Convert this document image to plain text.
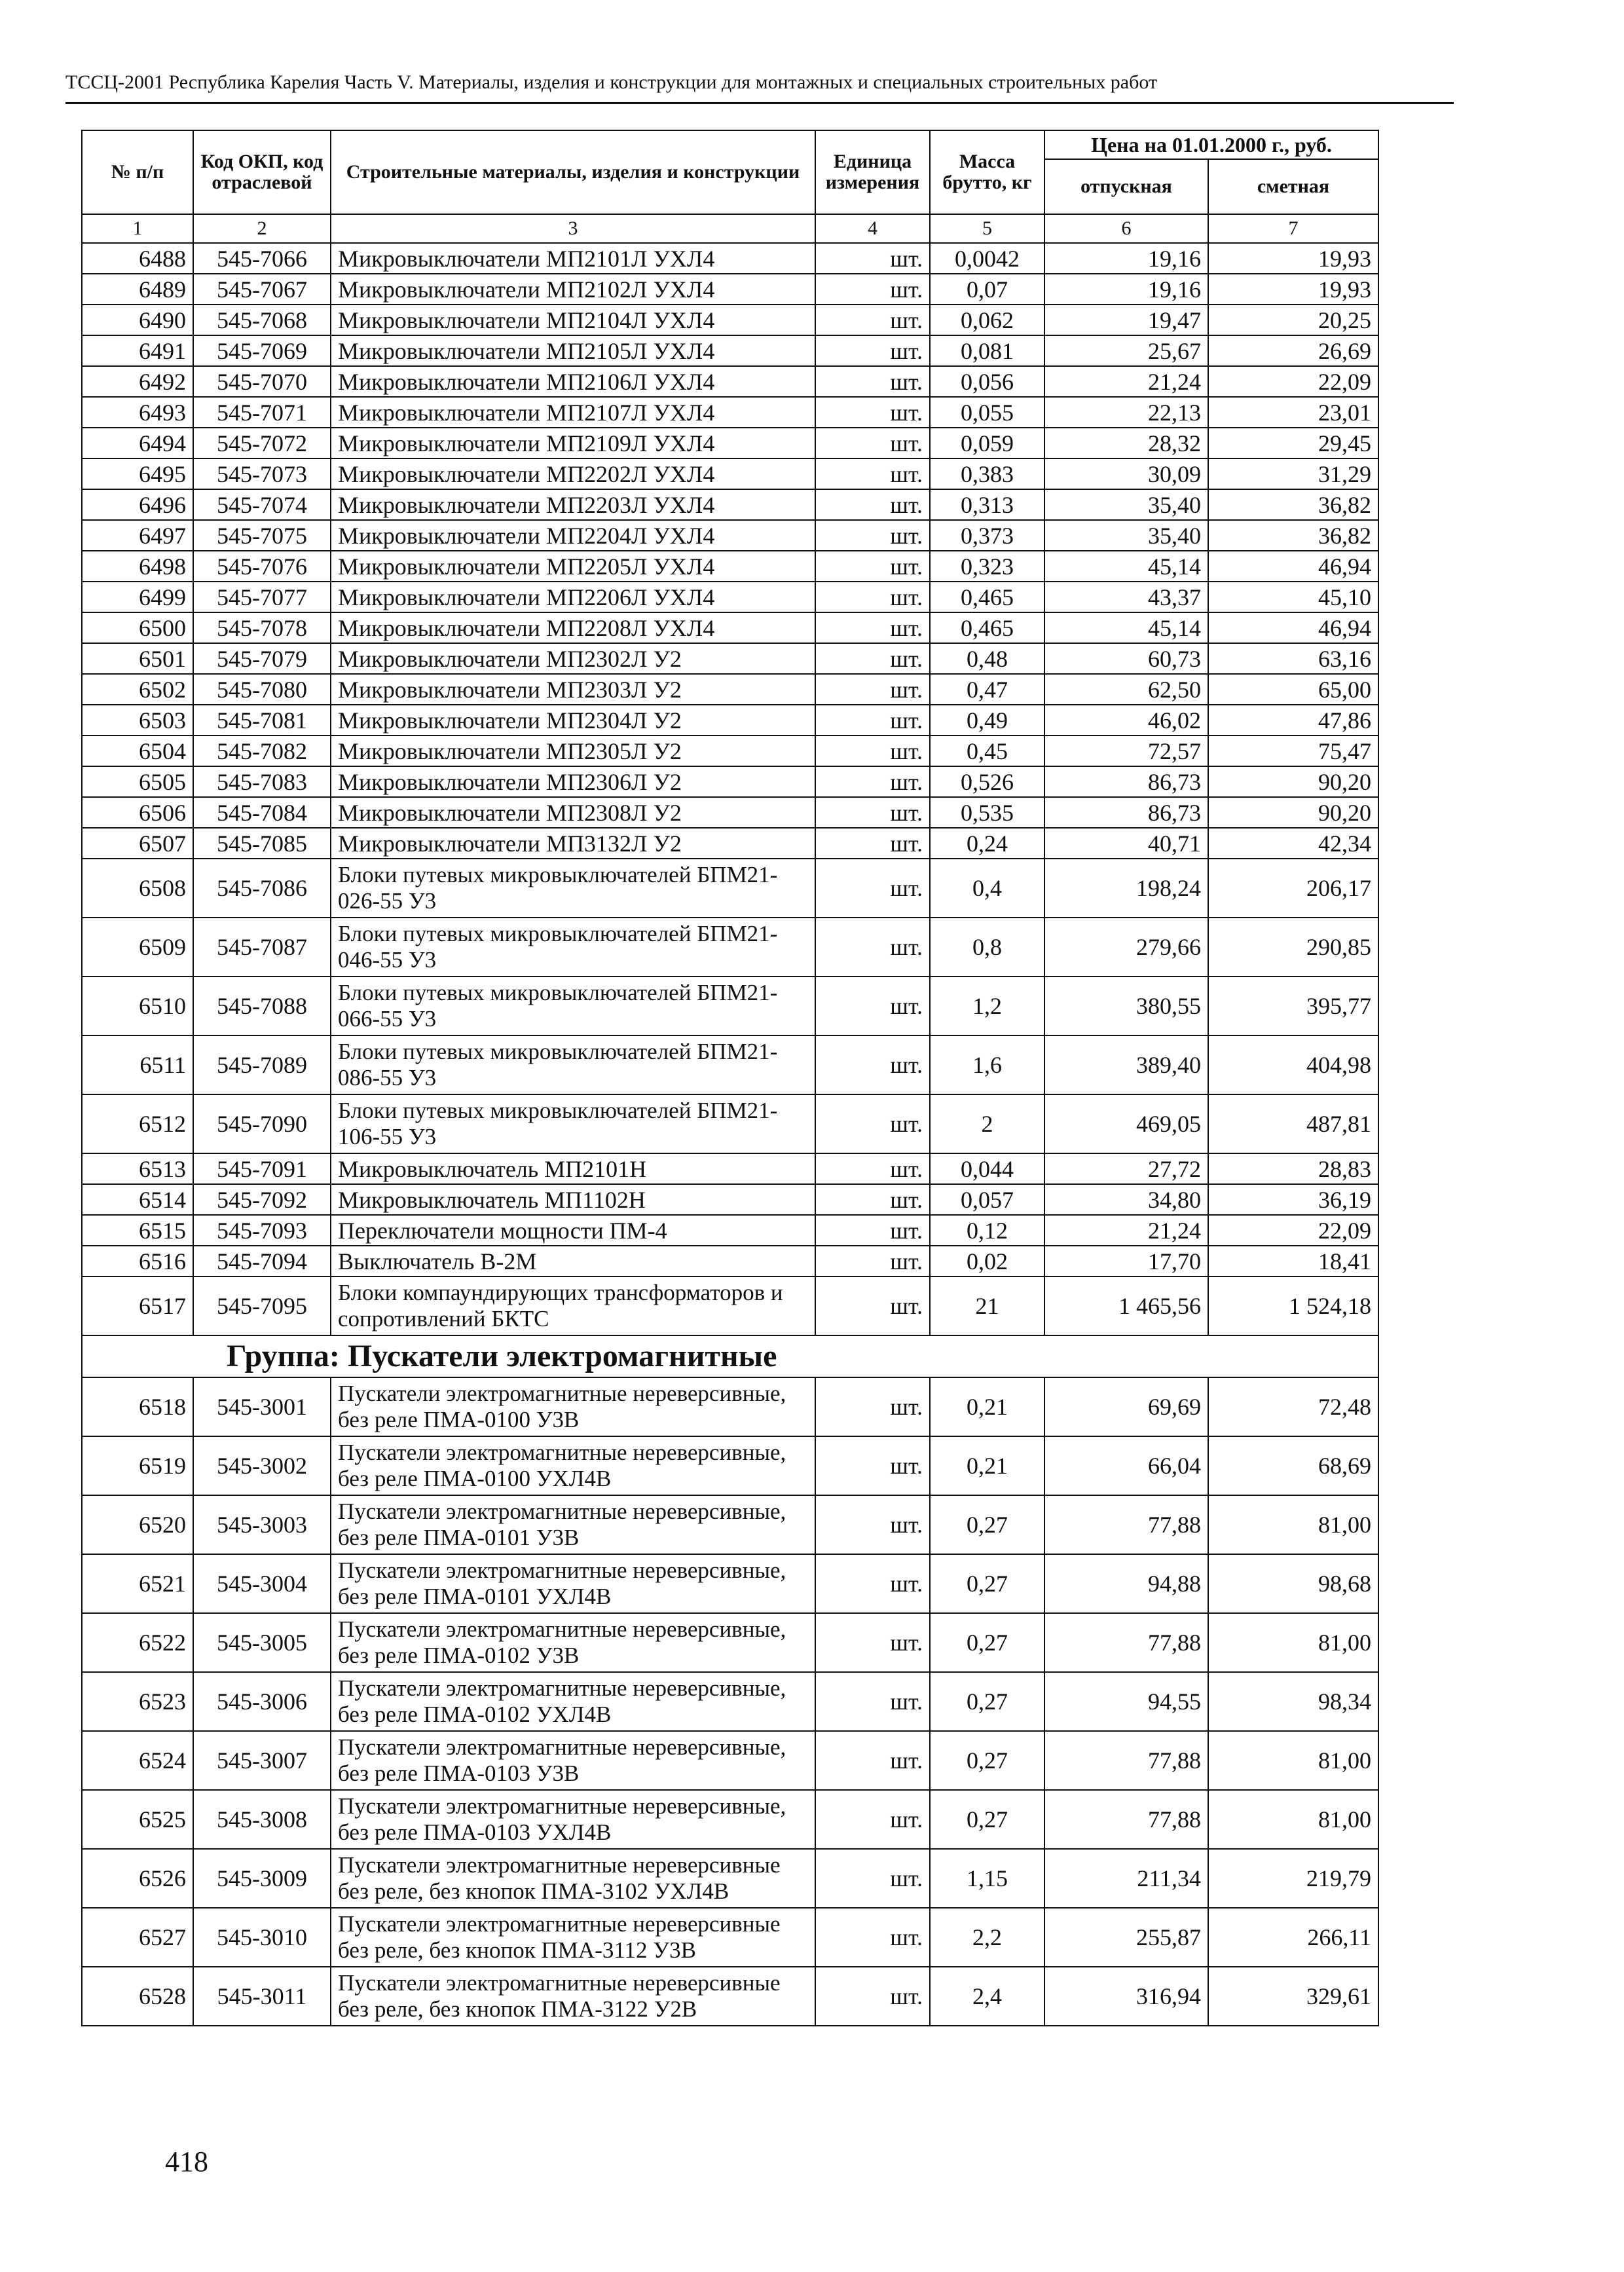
ТССЦ-2001 Республика Карелия Часть V. Материалы, изделия и конструкции для монтажных и специальных строительных работ
№ п/п	Код ОКП, код отраслевой	Строительные материалы, изделия и конструкции	Единица измерения	Масса брутто, кг	Цена на 01.01.2000 г., руб.	
					отпускная	сметная
1	2	3	4	5	6	7
6488	545-7066	Микровыключатели МП2101Л УХЛ4	шт.	0,0042	19,16	19,93
6489	545-7067	Микровыключатели МП2102Л УХЛ4	шт.	0,07	19,16	19,93
6490	545-7068	Микровыключатели МП2104Л УХЛ4	шт.	0,062	19,47	20,25
6491	545-7069	Микровыключатели МП2105Л УХЛ4	шт.	0,081	25,67	26,69
6492	545-7070	Микровыключатели МП2106Л УХЛ4	шт.	0,056	21,24	22,09
6493	545-7071	Микровыключатели МП2107Л УХЛ4	шт.	0,055	22,13	23,01
6494	545-7072	Микровыключатели МП2109Л УХЛ4	шт.	0,059	28,32	29,45
6495	545-7073	Микровыключатели МП2202Л УХЛ4	шт.	0,383	30,09	31,29
6496	545-7074	Микровыключатели МП2203Л УХЛ4	шт.	0,313	35,40	36,82
6497	545-7075	Микровыключатели МП2204Л УХЛ4	шт.	0,373	35,40	36,82
6498	545-7076	Микровыключатели МП2205Л УХЛ4	шт.	0,323	45,14	46,94
6499	545-7077	Микровыключатели МП2206Л УХЛ4	шт.	0,465	43,37	45,10
6500	545-7078	Микровыключатели МП2208Л УХЛ4	шт.	0,465	45,14	46,94
6501	545-7079	Микровыключатели МП2302Л У2	шт.	0,48	60,73	63,16
6502	545-7080	Микровыключатели МП2303Л У2	шт.	0,47	62,50	65,00
6503	545-7081	Микровыключатели МП2304Л У2	шт.	0,49	46,02	47,86
6504	545-7082	Микровыключатели МП2305Л У2	шт.	0,45	72,57	75,47
6505	545-7083	Микровыключатели МП2306Л У2	шт.	0,526	86,73	90,20
6506	545-7084	Микровыключатели МП2308Л У2	шт.	0,535	86,73	90,20
6507	545-7085	Микровыключатели МП3132Л У2	шт.	0,24	40,71	42,34
6508	545-7086	Блоки путевых микровыключателей БПМ21-026-55 У3	шт.	0,4	198,24	206,17
6509	545-7087	Блоки путевых микровыключателей БПМ21-046-55 У3	шт.	0,8	279,66	290,85
6510	545-7088	Блоки путевых микровыключателей БПМ21-066-55 У3	шт.	1,2	380,55	395,77
6511	545-7089	Блоки путевых микровыключателей БПМ21-086-55 У3	шт.	1,6	389,40	404,98
6512	545-7090	Блоки путевых микровыключателей БПМ21-106-55 У3	шт.	2	469,05	487,81
6513	545-7091	Микровыключатель МП2101Н	шт.	0,044	27,72	28,83
6514	545-7092	Микровыключатель МП1102Н	шт.	0,057	34,80	36,19
6515	545-7093	Переключатели мощности ПМ-4	шт.	0,12	21,24	22,09
6516	545-7094	Выключатель В-2М	шт.	0,02	17,70	18,41
6517	545-7095	Блоки компаундирующих трансформаторов и сопротивлений БКТС	шт.	21	1 465,56	1 524,18
Группа: Пускатели электромагнитные						
6518	545-3001	Пускатели электромагнитные нереверсивные, без реле ПМА-0100 У3В	шт.	0,21	69,69	72,48
6519	545-3002	Пускатели электромагнитные нереверсивные, без реле ПМА-0100 УХЛ4В	шт.	0,21	66,04	68,69
6520	545-3003	Пускатели электромагнитные нереверсивные, без реле ПМА-0101 У3В	шт.	0,27	77,88	81,00
6521	545-3004	Пускатели электромагнитные нереверсивные, без реле ПМА-0101 УХЛ4В	шт.	0,27	94,88	98,68
6522	545-3005	Пускатели электромагнитные нереверсивные, без реле ПМА-0102 У3В	шт.	0,27	77,88	81,00
6523	545-3006	Пускатели электромагнитные нереверсивные, без реле ПМА-0102 УХЛ4В	шт.	0,27	94,55	98,34
6524	545-3007	Пускатели электромагнитные нереверсивные, без реле ПМА-0103 У3В	шт.	0,27	77,88	81,00
6525	545-3008	Пускатели электромагнитные нереверсивные, без реле ПМА-0103 УХЛ4В	шт.	0,27	77,88	81,00
6526	545-3009	Пускатели электромагнитные нереверсивные без реле, без кнопок ПМА-3102 УХЛ4В	шт.	1,15	211,34	219,79
6527	545-3010	Пускатели электромагнитные нереверсивные без реле, без кнопок ПМА-3112 У3В	шт.	2,2	255,87	266,11
6528	545-3011	Пускатели электромагнитные нереверсивные без реле, без кнопок ПМА-3122 У2В	шт.	2,4	316,94	329,61
418
